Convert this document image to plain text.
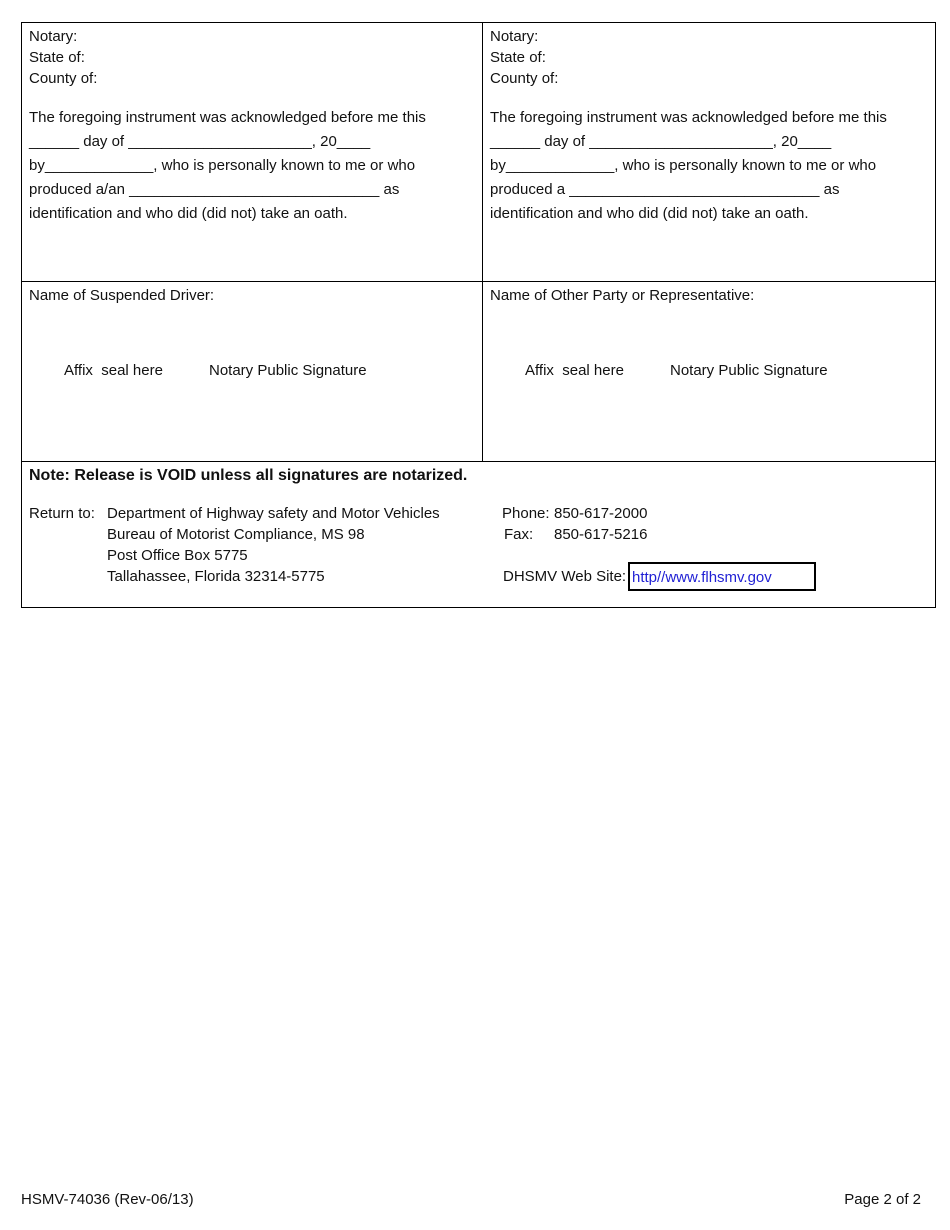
Notary:
State of:
County of:
The foregoing instrument was acknowledged before me this
______ day of ______________________, 20____
by_____________, who is personally known to me or who
produced a/an ______________________________ as
identification and who did (did not) take an oath.
Notary:
State of:
County of:
The foregoing instrument was acknowledged before me this
______ day of ______________________, 20____
by_____________, who is personally known to me or who
produced a ______________________________ as
identification and who did (did not) take an oath.
Name of Suspended Driver:
Affix  seal here	Notary Public Signature
Name of Other Party or Representative:
Affix  seal here	Notary Public Signature
Note: Release is VOID unless all signatures are notarized.
Return to: Department of Highway safety and Motor Vehicles
Bureau of Motorist Compliance, MS 98
Post Office Box 5775
Tallahassee, Florida 32314-5775
Phone: 850-617-2000
Fax: 850-617-5216
DHSMV Web Site: http//www.flhsmv.gov
HSMV-74036 (Rev-06/13)	Page 2 of 2
